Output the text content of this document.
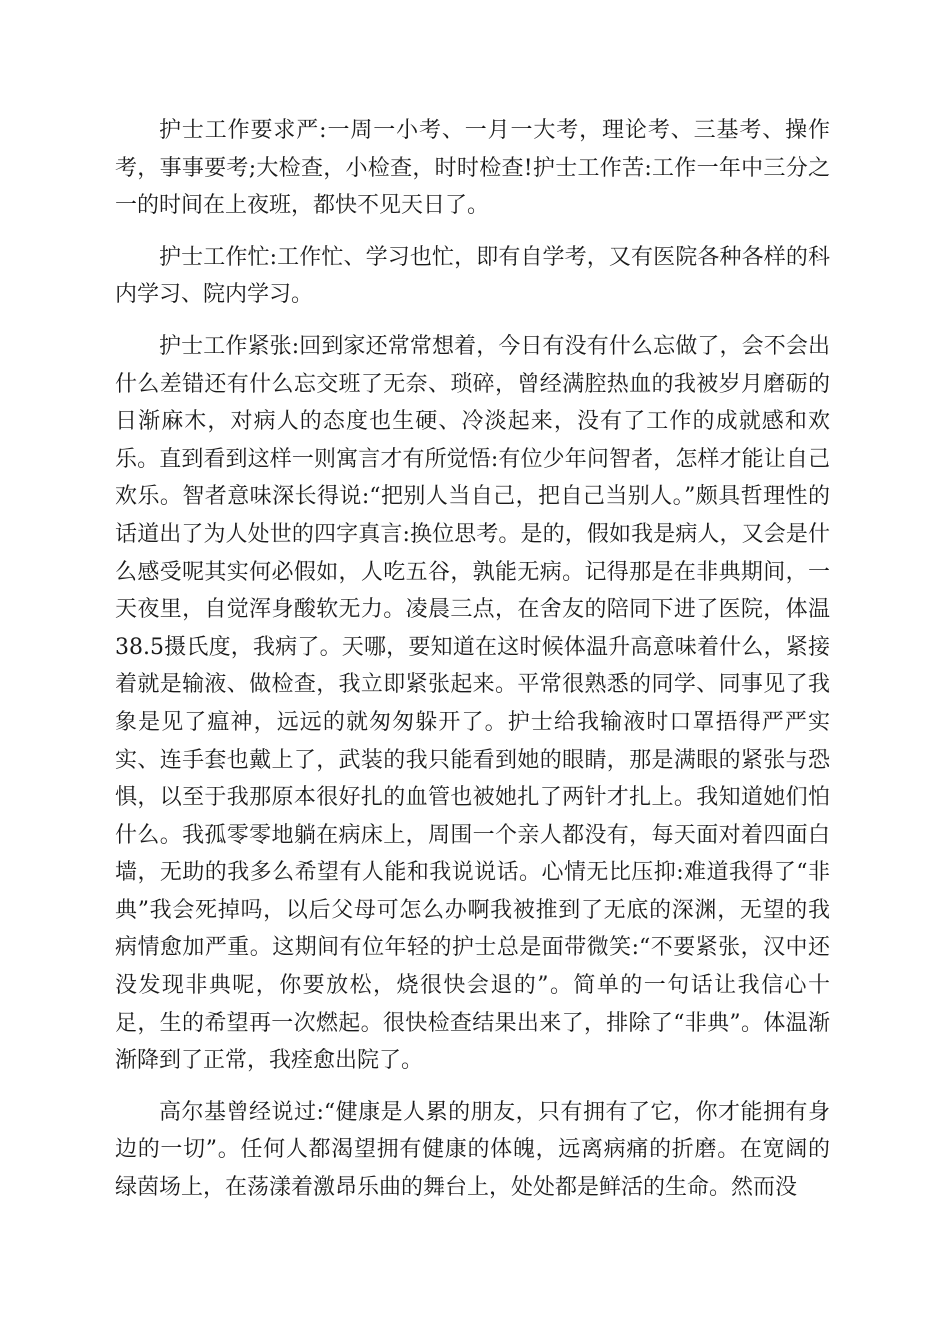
护士工作要求严:一周一小考、一月一大考，理论考、三基考、操作考，事事要考;大检查，小检查，时时检查!护士工作苦:工作一年中三分之一的时间在上夜班，都快不见天日了。

护士工作忙:工作忙、学习也忙，即有自学考，又有医院各种各样的科内学习、院内学习。

护士工作紧张:回到家还常常想着，今日有没有什么忘做了，会不会出什么差错还有什么忘交班了无奈、琐碎，曾经满腔热血的我被岁月磨砺的日渐麻木，对病人的态度也生硬、冷淡起来，没有了工作的成就感和欢乐。直到看到这样一则寓言才有所觉悟:有位少年问智者，怎样才能让自己欢乐。智者意味深长得说:“把别人当自己，把自己当别人。”颇具哲理性的话道出了为人处世的四字真言:换位思考。是的，假如我是病人，又会是什么感受呢其实何必假如，人吃五谷，孰能无病。记得那是在非典期间，一天夜里，自觉浑身酸软无力。凌晨三点，在舍友的陪同下进了医院，体温38.5摄氏度，我病了。天哪，要知道在这时候体温升高意味着什么，紧接着就是输液、做检查，我立即紧张起来。平常很熟悉的同学、同事见了我象是见了瘟神，远远的就匆匆躲开了。护士给我输液时口罩捂得严严实实、连手套也戴上了，武装的我只能看到她的眼睛，那是满眼的紧张与恐惧，以至于我那原本很好扎的血管也被她扎了两针才扎上。我知道她们怕什么。我孤零零地躺在病床上，周围一个亲人都没有，每天面对着四面白墙，无助的我多么希望有人能和我说说话。心情无比压抑:难道我得了“非典”我会死掉吗，以后父母可怎么办啊我被推到了无底的深渊，无望的我病情愈加严重。这期间有位年轻的护士总是面带微笑:“不要紧张，汉中还没发现非典呢，你要放松，烧很快会退的”。简单的一句话让我信心十足，生的希望再一次燃起。很快检查结果出来了，排除了“非典”。体温渐渐降到了正常，我痊愈出院了。

高尔基曾经说过:“健康是人累的朋友，只有拥有了它，你才能拥有身边的一切”。任何人都渴望拥有健康的体魄，远离病痛的折磨。在宽阔的绿茵场上，在荡漾着激昂乐曲的舞台上，处处都是鲜活的生命。然而没
